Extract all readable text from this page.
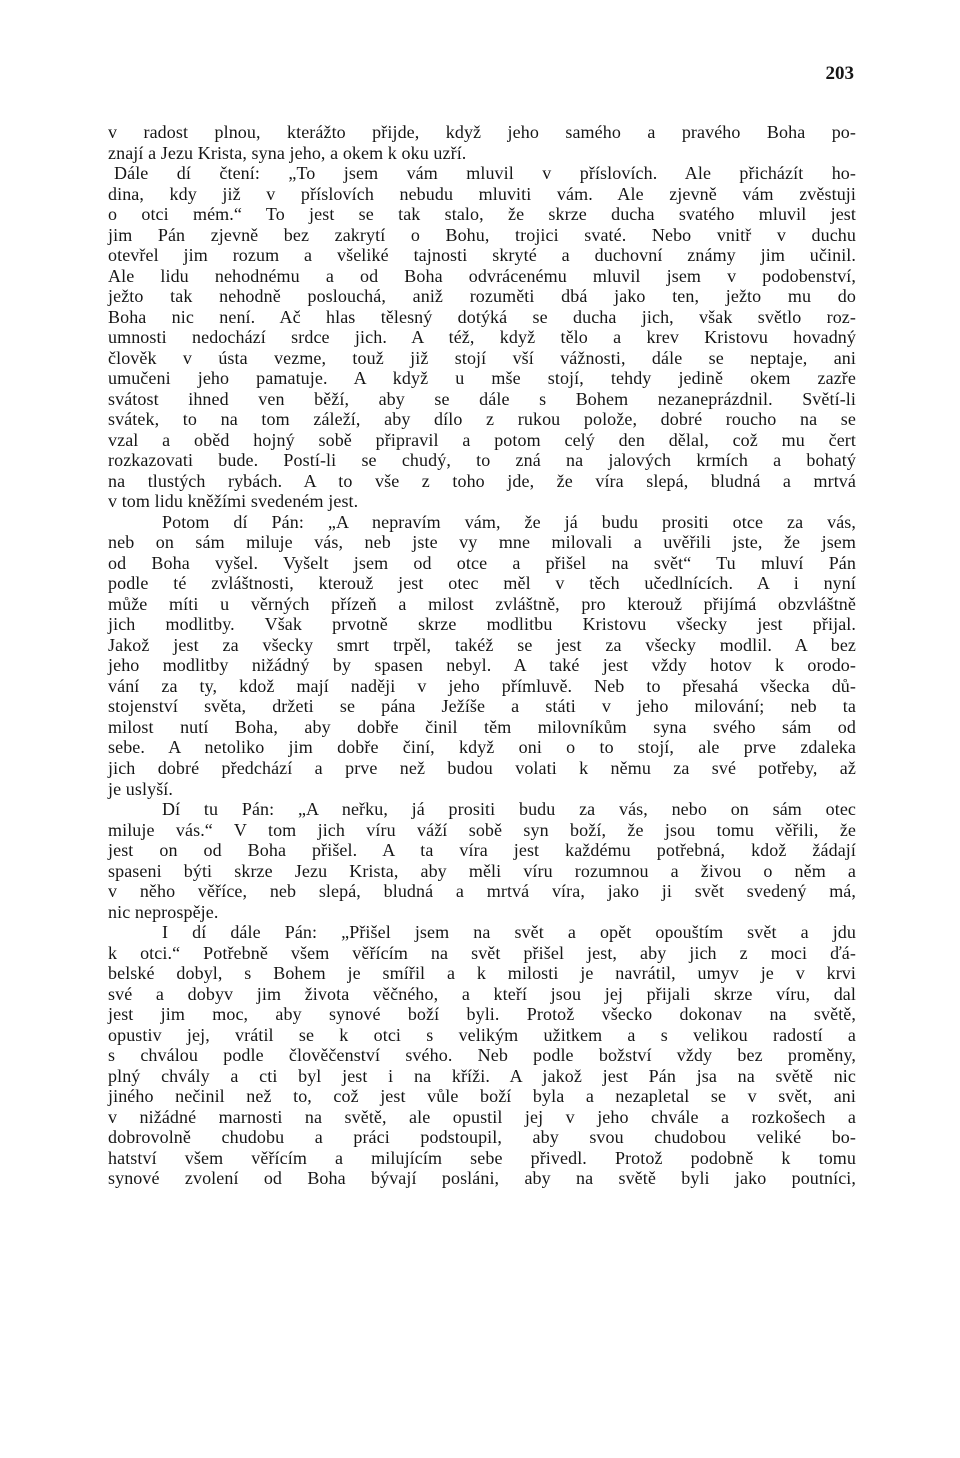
203
v radost plnou, kterážto přijde, když jeho samého a pravého Boha po-
znají a Jezu Krista, syna jeho, a okem k oku uzří.
Dále dí čtení: „To jsem vám mluvil v příslovích. Ale přicházít ho-
dina, kdy již v příslovích nebudu mluviti vám. Ale zjevně vám zvěstuji
o otci mém.“ To jest se tak stalo, že skrze ducha svatého mluvil jest
jim Pán zjevně bez zakrytí o Bohu, trojici svaté. Nebo vnitř v duchu
otevřel jim rozum a všeliké tajnosti skryté a duchovní známy jim učinil.
Ale lidu nehodnému a od Boha odvrácenému mluvil jsem v podobenství,
ježto tak nehodně poslouchá, aniž rozuměti dbá jako ten, ježto mu do
Boha nic není. Ač hlas tělesný dotýká se ducha jich, však světlo roz-
umnosti nedochází srdce jich. A též, když tělo a krev Kristovu hovadný
člověk v ústa vezme, touž již stojí vší vážnosti, dále se neptaje, ani
umučeni jeho pamatuje. A když u mše stojí, tehdy jedině okem zazře
svátost ihned ven běží, aby se dále s Bohem nezaneprázdnil. Světí-li
svátek, to na tom záleží, aby dílo z rukou polože, dobré roucho na se
vzal a oběd hojný sobě připravil a potom celý den dělal, což mu čert
rozkazovati bude. Postí-li se chudý, to zná na jalových krmích a bohatý
na tlustých rybách. A to vše z toho jde, že víra slepá, bludná a mrtvá
v tom lidu kněžími svedeném jest.
Potom dí Pán: „A nepravím vám, že já budu prositi otce za vás,
neb on sám miluje vás, neb jste vy mne milovali a uvěřili jste, že jsem
od Boha vyšel. Vyšelt jsem od otce a přišel na svět“ Tu mluví Pán
podle té zvláštnosti, kterouž jest otec měl v těch učedlnících. A i nyní
může míti u věrných přízeň a milost zvláštně, pro kterouž přijímá obzvláštně
jich modlitby. Však prvotně skrze modlitbu Kristovu všecky jest přijal.
Jakož jest za všecky smrt trpěl, takéž se jest za všecky modlil. A bez
jeho modlitby nižádný by spasen nebyl. A také jest vždy hotov k orodo-
vání za ty, kdož mají naději v jeho přímluvě. Neb to přesahá všecka dů-
stojenství světa, držeti se pána Ježíše a státi v jeho milování; neb ta
milost nutí Boha, aby dobře činil těm milovníkům syna svého sám od
sebe. A netoliko jim dobře činí, když oni o to stojí, ale prve zdaleka
jich dobré předchází a prve než budou volati k němu za své potřeby, až
je uslyší.
Dí tu Pán: „A neřku, já prositi budu za vás, nebo on sám otec
miluje vás.“ V tom jich víru váží sobě syn boží, že jsou tomu věřili, že
jest on od Boha přišel. A ta víra jest každému potřebná, kdož žádají
spaseni býti skrze Jezu Krista, aby měli víru rozumnou a živou o něm a
v něho věříce, neb slepá, bludná a mrtvá víra, jako ji svět svedený má,
nic neprospěje.
I dí dále Pán: „Přišel jsem na svět a opět opouštím svět a jdu
k otci.“ Potřebně všem věřícím na svět přišel jest, aby jich z moci ďá-
belské dobyl, s Bohem je smířil a k milosti je navrátil, umyv je v krvi
své a dobyv jim života věčného, a kteří jsou jej přijali skrze víru, dal
jest jim moc, aby synové boží byli. Protož všecko dokonav na světě,
opustiv jej, vrátil se k otci s velikým užitkem a s velikou radostí a
s chválou podle člověčenství svého. Neb podle božství vždy bez proměny,
plný chvály a cti byl jest i na kříži. A jakož jest Pán jsa na světě nic
jiného nečinil než to, což jest vůle boží byla a nezapletal se v svět, ani
v nižádné marnosti na světě, ale opustil jej v jeho chvále a rozkošech a
dobrovolně chudobu a práci podstoupil, aby svou chudobou veliké bo-
hatství všem věřícím a milujícím sebe přivedl. Protož podobně k tomu
synové zvolení od Boha bývají posláni, aby na světě byli jako poutníci,
